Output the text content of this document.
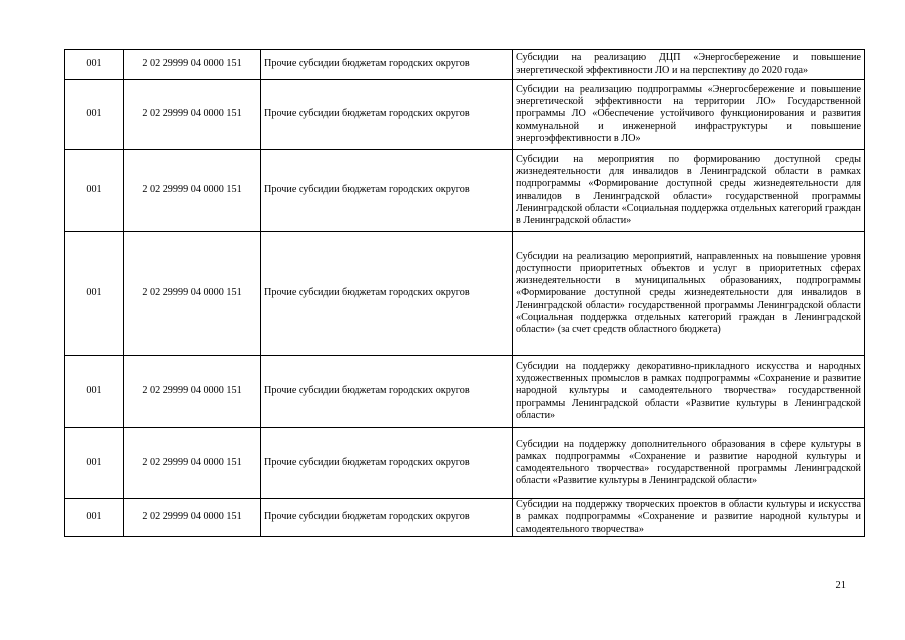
001	2 02 29999 04 0000 151	Прочие субсидии бюджетам городских округов	Субсидии на реализацию ДЦП «Энергосбережение и повышение энергетической эффективности ЛО и на перспективу до 2020 года»

001	2 02 29999 04 0000 151	Прочие субсидии бюджетам городских округов	Субсидии на реализацию подпрограммы «Энергосбережение и повышение энергетической эффективности на территории ЛО» Государственной программы ЛО «Обеспечение устойчивого функционирования и развития коммунальной и инженерной инфраструктуры и повышение энергоэффективности в ЛО»

001	2 02 29999 04 0000 151	Прочие субсидии бюджетам городских округов	Субсидии на мероприятия по формированию доступной среды жизнедеятельности для инвалидов в Ленинградской области в рамках подпрограммы «Формирование доступной среды жизнедеятельности для инвалидов в Ленинградской области» государственной программы Ленинградской области «Социальная поддержка отдельных категорий граждан в Ленинградской области»

001	2 02 29999 04 0000 151	Прочие субсидии бюджетам городских округов	Субсидии на реализацию мероприятий, направленных на повышение уровня доступности приоритетных объектов и услуг в приоритетных сферах жизнедеятельности в муниципальных образованиях, подпрограммы «Формирование доступной среды жизнедеятельности для инвалидов в Ленинградской области» государственной программы Ленинградской области «Социальная поддержка отдельных категорий граждан в Ленинградской области» (за счет средств областного бюджета)

001	2 02 29999 04 0000 151	Прочие субсидии бюджетам городских округов	Субсидии на поддержку декоративно-прикладного искусства и народных художественных промыслов в рамках подпрограммы «Сохранение и развитие народной культуры и самодеятельного творчества» государственной программы Ленинградской области «Развитие культуры в Ленинградской области»

001	2 02 29999 04 0000 151	Прочие субсидии бюджетам городских округов	Субсидии на поддержку дополнительного образования в сфере культуры в рамках подпрограммы «Сохранение и развитие народной культуры и самодеятельного творчества» государственной программы Ленинградской области «Развитие культуры в Ленинградской области»

001	2 02 29999 04 0000 151	Прочие субсидии бюджетам городских округов	Субсидии на поддержку творческих проектов в области культуры и искусства в рамках подпрограммы «Сохранение и развитие народной культуры и самодеятельного творчества»
21
